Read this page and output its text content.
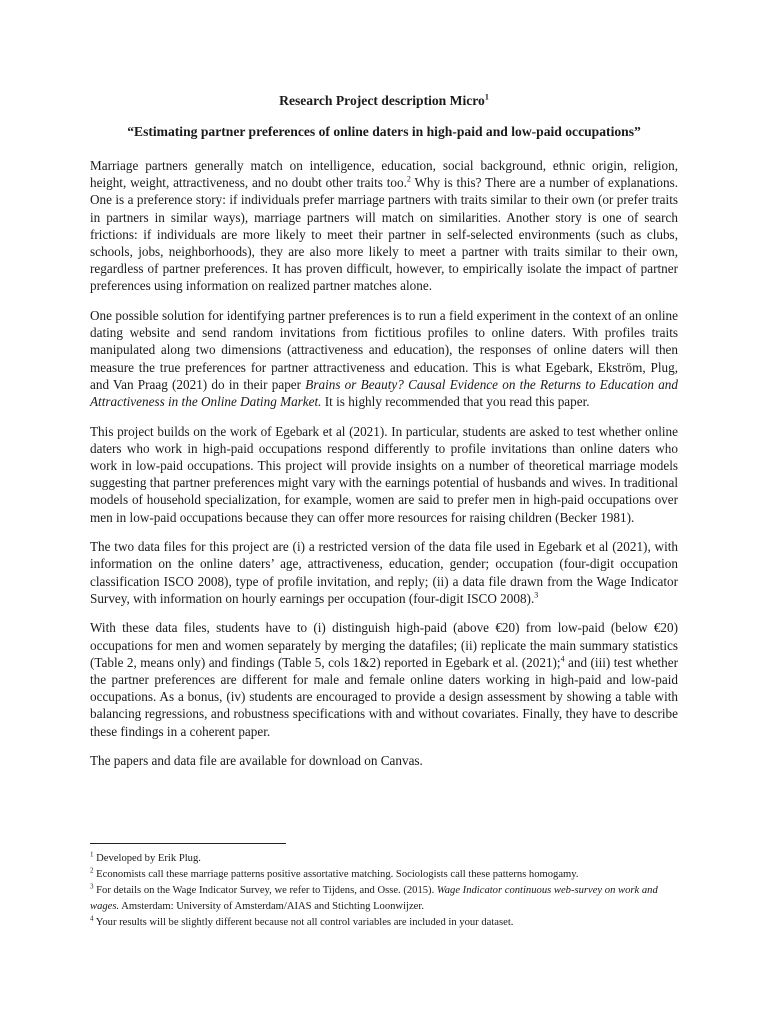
Research Project description Micro$^1$
“Estimating partner preferences of online daters in high-paid and low-paid occupations”

Marriage partners generally match on intelligence, education, social background, ethnic origin, religion, height, weight, attractiveness, and no doubt other traits too.$^2$ Why is this? There are a number of explanations. One is a preference story: if individuals prefer marriage partners with traits similar to their own (or prefer traits in partners in similar ways), marriage partners will match on similarities. Another story is one of search frictions: if individuals are more likely to meet their partner in self-selected environments (such as clubs, schools, jobs, neighborhoods), they are also more likely to meet a partner with traits similar to their own, regardless of partner preferences. It has proven difficult, however, to empirically isolate the impact of partner preferences using information on realized partner matches alone.

One possible solution for identifying partner preferences is to run a field experiment in the context of an online dating website and send random invitations from fictitious profiles to online daters. With profiles traits manipulated along two dimensions (attractiveness and education), the responses of online daters will then measure the true preferences for partner attractiveness and education. This is what Egebark, Ekström, Plug, and Van Praag (2021) do in their paper Brains or Beauty? Causal Evidence on the Returns to Education and Attractiveness in the Online Dating Market. It is highly recommended that you read this paper.

This project builds on the work of Egebark et al (2021). In particular, students are asked to test whether online daters who work in high-paid occupations respond differently to profile invitations than online daters who work in low-paid occupations. This project will provide insights on a number of theoretical marriage models suggesting that partner preferences might vary with the earnings potential of husbands and wives. In traditional models of household specialization, for example, women are said to prefer men in high-paid occupations over men in low-paid occupations because they can offer more resources for raising children (Becker 1981).

The two data files for this project are (i) a restricted version of the data file used in Egebark et al (2021), with information on the online daters’ age, attractiveness, education, gender; occupation (four-digit occupation classification ISCO 2008), type of profile invitation, and reply; (ii) a data file drawn from the Wage Indicator Survey, with information on hourly earnings per occupation (four-digit ISCO 2008).$^3$

With these data files, students have to (i) distinguish high-paid (above €20) from low-paid (below €20) occupations for men and women separately by merging the datafiles; (ii) replicate the main summary statistics (Table 2, means only) and findings (Table 5, cols 1&2) reported in Egebark et al. (2021);$^4$ and (iii) test whether the partner preferences are different for male and female online daters working in high-paid and low-paid occupations. As a bonus, (iv) students are encouraged to provide a design assessment by showing a table with balancing regressions, and robustness specifications with and without covariates. Finally, they have to describe these findings in a coherent paper.

The papers and data file are available for download on Canvas.

$^1$ Developed by Erik Plug.

$^2$ Economists call these marriage patterns positive assortative matching. Sociologists call these patterns homogamy.

$^3$ For details on the Wage Indicator Survey, we refer to Tijdens, and Osse. (2015). Wage Indicator continuous web-survey on work and wages. Amsterdam: University of Amsterdam/AIAS and Stichting Loonwijzer.

$^4$ Your results will be slightly different because not all control variables are included in your dataset.
